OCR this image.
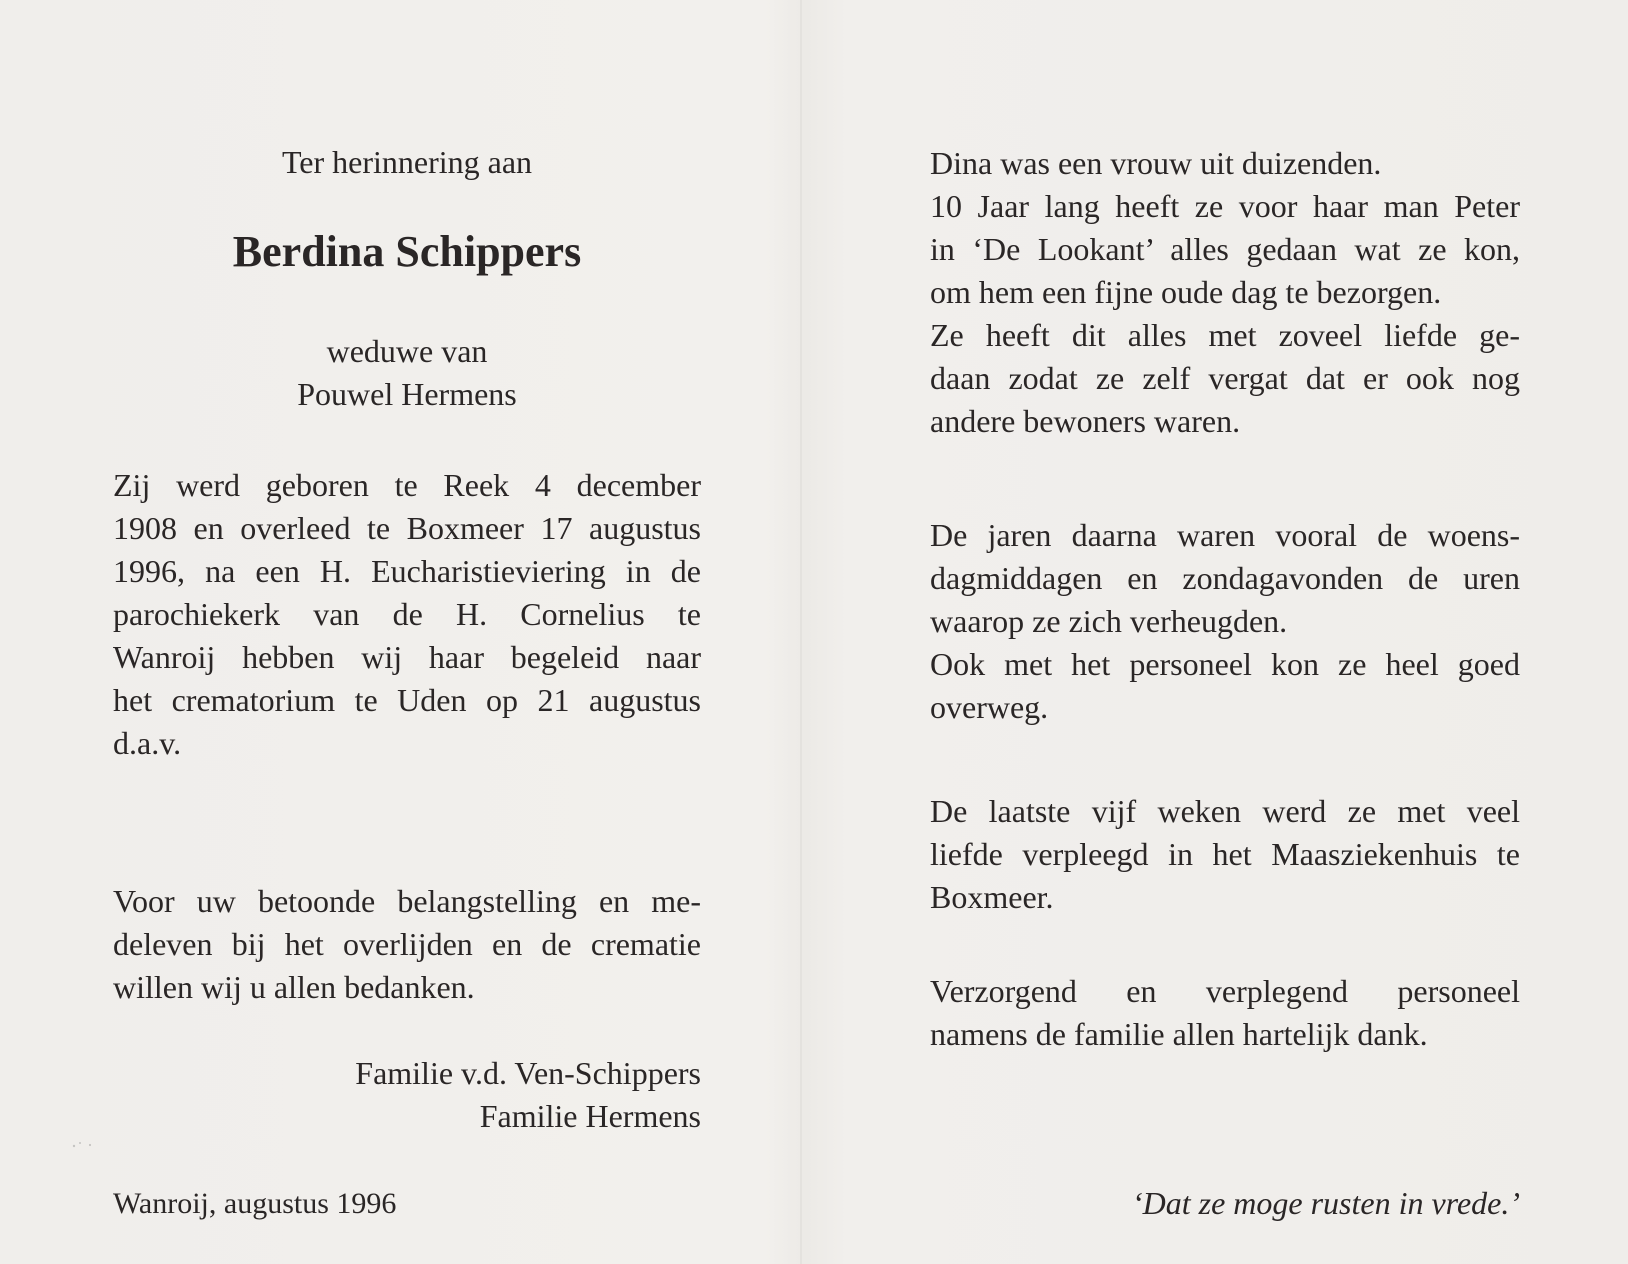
Ter herinnering aan
Berdina Schippers
weduwe van
Pouwel Hermens
Zij werd geboren te Reek 4 december
1908 en overleed te Boxmeer 17 augustus
1996, na een H. Eucharistieviering in de
parochiekerk van de H. Cornelius te
Wanroij hebben wij haar begeleid naar
het crematorium te Uden op 21 augustus
d.a.v.
Voor uw betoonde belangstelling en me-
deleven bij het overlijden en de crematie
willen wij u allen bedanken.
Familie v.d. Ven-Schippers
Familie Hermens
Wanroij, augustus 1996
Dina was een vrouw uit duizenden.
10 Jaar lang heeft ze voor haar man Peter
in ‘De Lookant’ alles gedaan wat ze kon,
om hem een fijne oude dag te bezorgen.
Ze heeft dit alles met zoveel liefde ge-
daan zodat ze zelf vergat dat er ook nog
andere bewoners waren.
De jaren daarna waren vooral de woens-
dagmiddagen en zondagavonden de uren
waarop ze zich verheugden.
Ook met het personeel kon ze heel goed
overweg.
De laatste vijf weken werd ze met veel
liefde verpleegd in het Maasziekenhuis te
Boxmeer.
Verzorgend en verplegend personeel
namens de familie allen hartelijk dank.
‘Dat ze moge rusten in vrede.’
